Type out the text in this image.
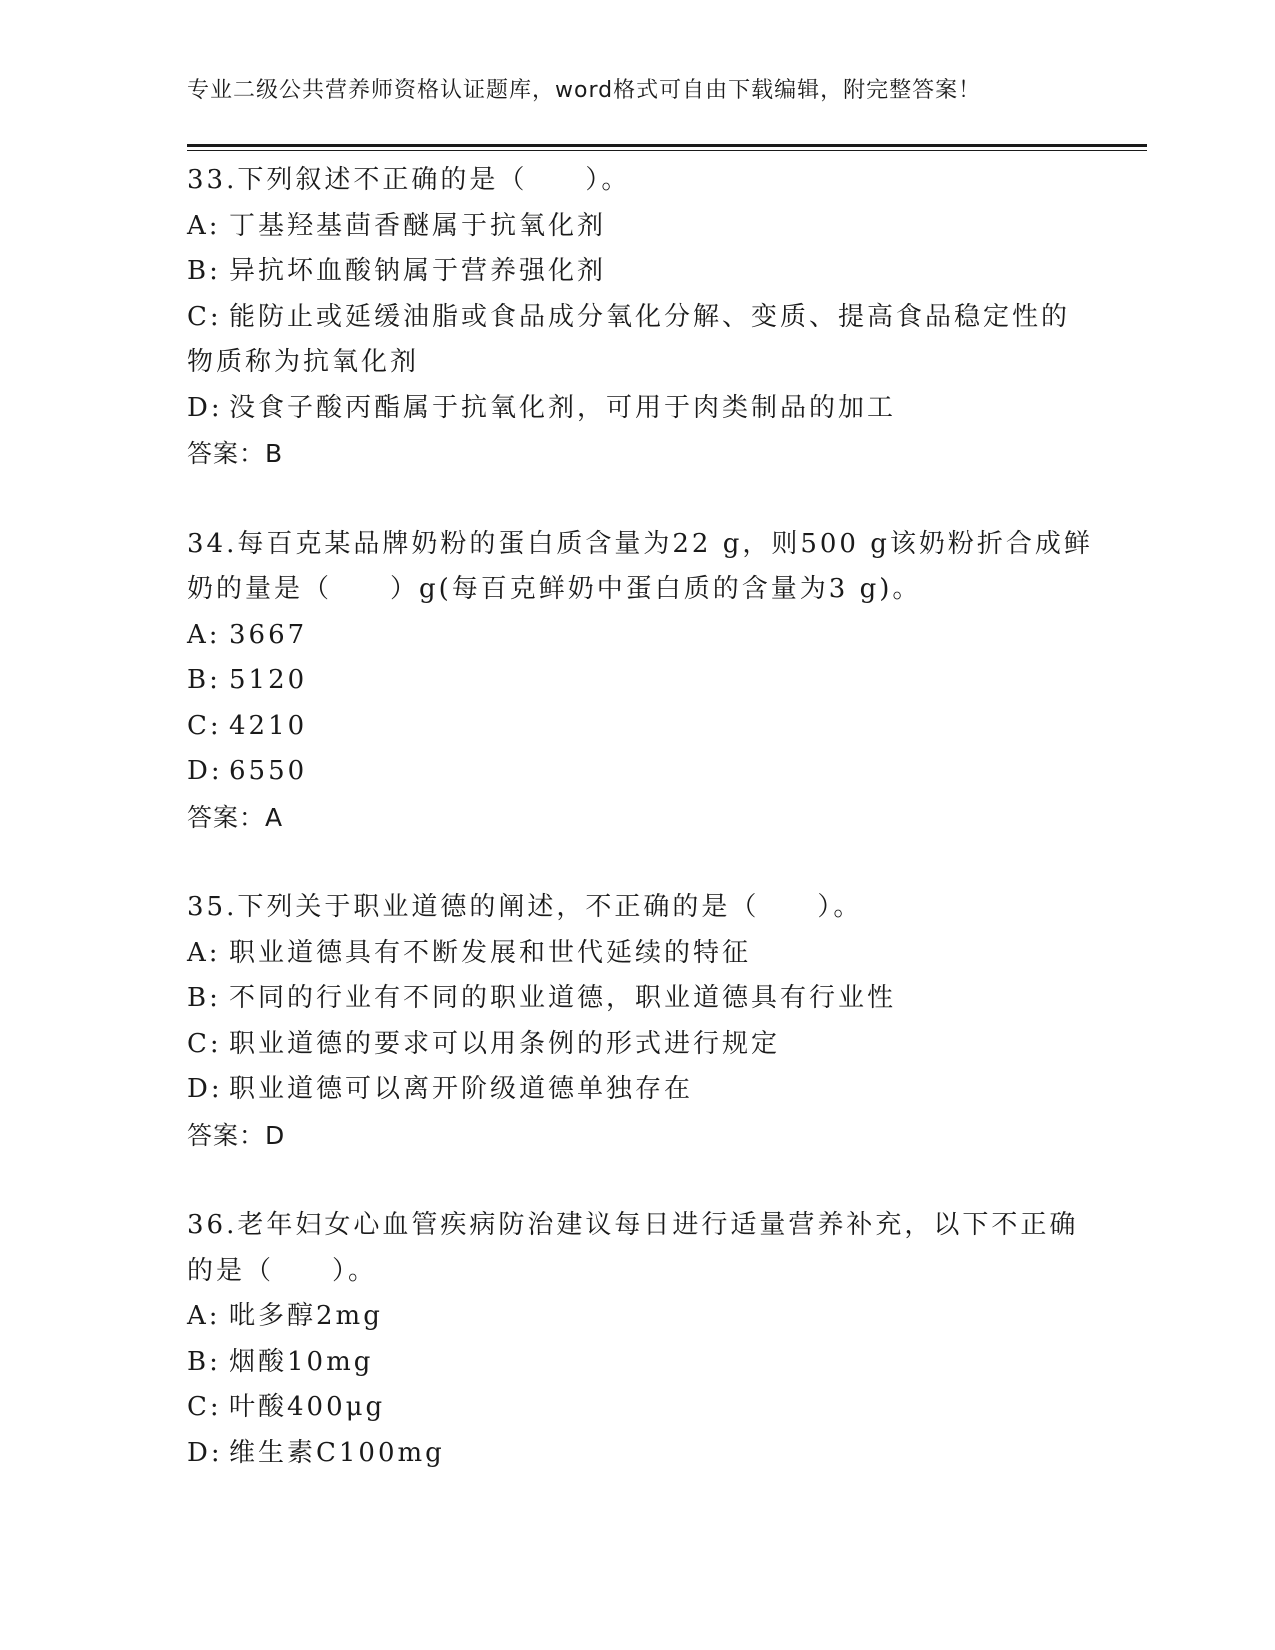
专业二级公共营养师资格认证题库，word格式可自由下载编辑，附完整答案！
33.下列叙述不正确的是（　　）。
A: 丁基羟基茴香醚属于抗氧化剂
B: 异抗坏血酸钠属于营养强化剂
C: 能防止或延缓油脂或食品成分氧化分解、变质、提高食品稳定性的
物质称为抗氧化剂
D: 没食子酸丙酯属于抗氧化剂，可用于肉类制品的加工
答案：B
34.每百克某品牌奶粉的蛋白质含量为22 g，则500 g该奶粉折合成鲜
奶的量是（　　）g(每百克鲜奶中蛋白质的含量为3 g)。
A: 3667
B: 5120
C: 4210
D: 6550
答案：A
35.下列关于职业道德的阐述，不正确的是（　　）。
A: 职业道德具有不断发展和世代延续的特征
B: 不同的行业有不同的职业道德，职业道德具有行业性
C: 职业道德的要求可以用条例的形式进行规定
D: 职业道德可以离开阶级道德单独存在
答案：D
36.老年妇女心血管疾病防治建议每日进行适量营养补充，以下不正确
的是（　　）。
A: 吡多醇2mg
B: 烟酸10mg
C: 叶酸400μg
D: 维生素C100mg
